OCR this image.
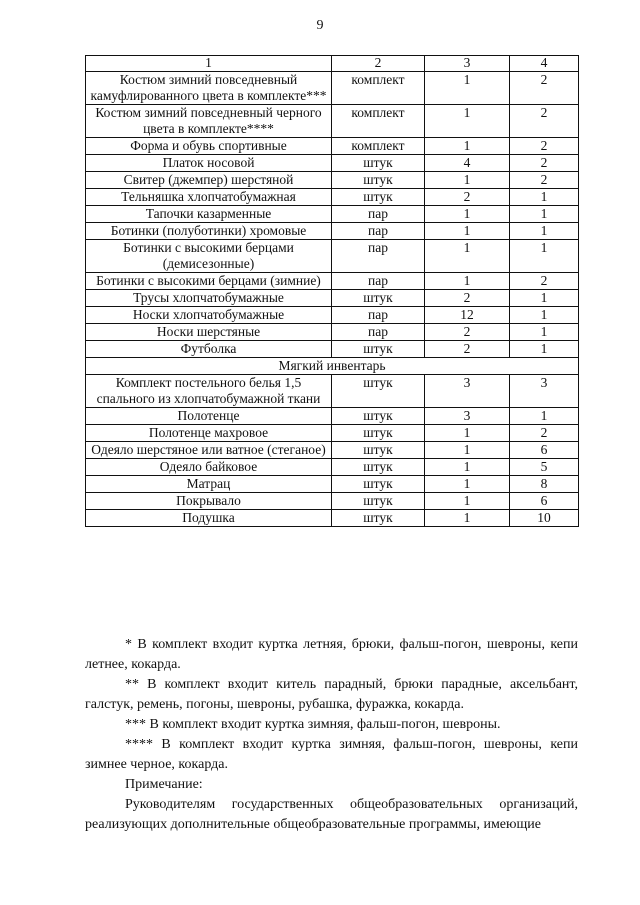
9
1	2	3	4
Костюм зимний повседневный камуфлированного цвета в комплекте***	комплект	1	2
Костюм зимний повседневный черного цвета в комплекте****	комплект	1	2
Форма и обувь спортивные	комплект	1	2
Платок носовой	штук	4	2
Свитер (джемпер) шерстяной	штук	1	2
Тельняшка хлопчатобумажная	штук	2	1
Тапочки казарменные	пар	1	1
Ботинки (полуботинки) хромовые	пар	1	1
Ботинки с высокими берцами (демисезонные)	пар	1	1
Ботинки с высокими берцами (зимние)	пар	1	2
Трусы хлопчатобумажные	штук	2	1
Носки хлопчатобумажные	пар	12	1
Носки шерстяные	пар	2	1
Футболка	штук	2	1
Мягкий инвентарь			
Комплект постельного белья 1,5 спального из хлопчатобумажной ткани	штук	3	3
Полотенце	штук	3	1
Полотенце махровое	штук	1	2
Одеяло шерстяное или ватное (стеганое)	штук	1	6
Одеяло байковое	штук	1	5
Матрац	штук	1	8
Покрывало	штук	1	6
Подушка	штук	1	10

* В комплект входит куртка летняя, брюки, фальш-погон, шевроны, кепи летнее, кокарда.

** В комплект входит китель парадный, брюки парадные, аксельбант, галстук, ремень, погоны, шевроны, рубашка, фуражка, кокарда.

*** В комплект входит куртка зимняя, фальш-погон, шевроны.

**** В комплект входит куртка зимняя, фальш-погон, шевроны, кепи зимнее черное, кокарда.

Примечание:

Руководителям государственных общеобразовательных организаций, реализующих дополнительные общеобразовательные программы, имеющие
